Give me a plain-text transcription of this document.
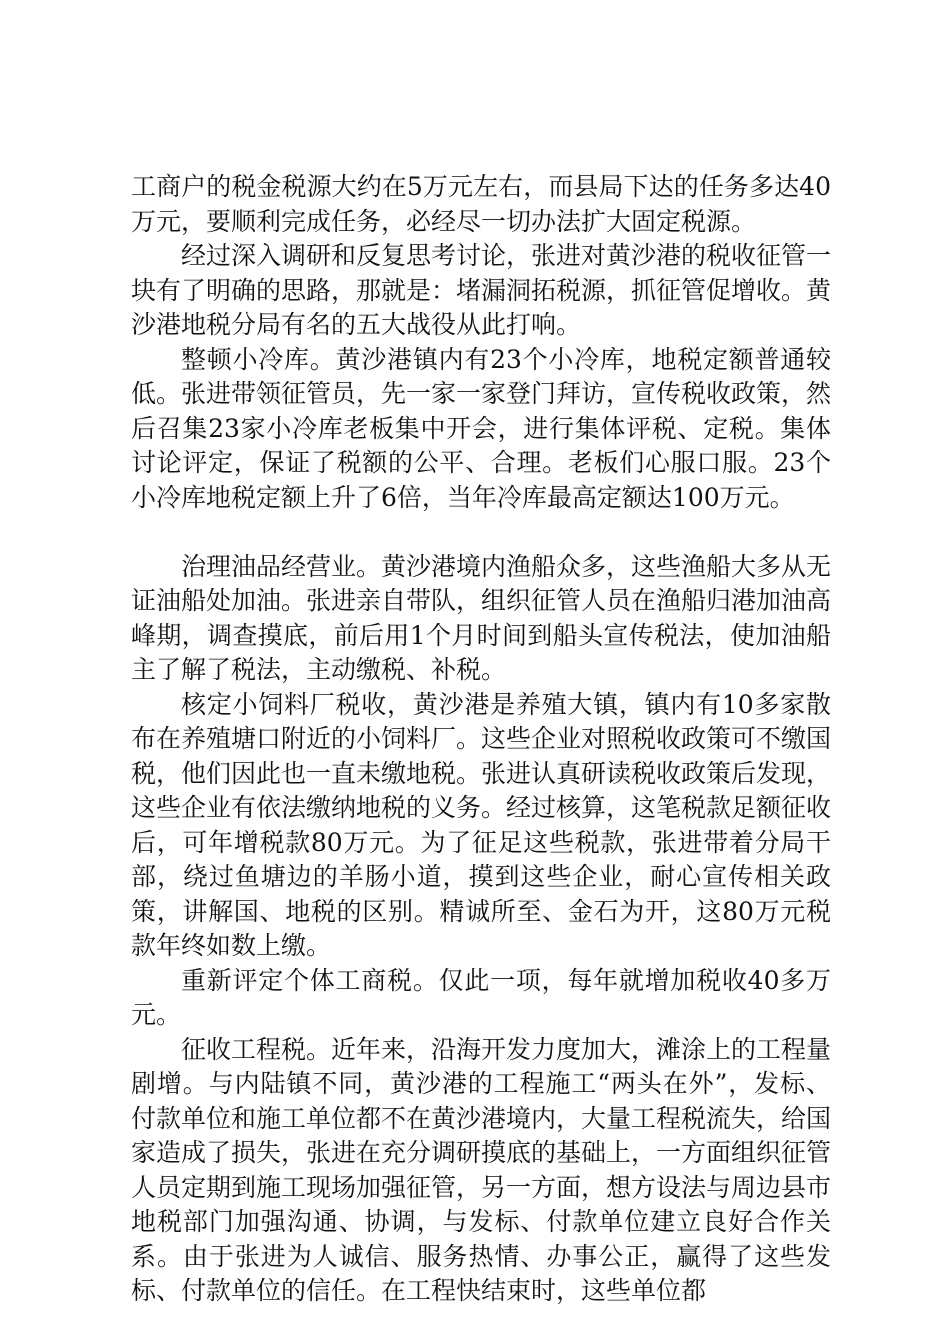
工商户的税金税源大约在5万元左右，而县局下达的任务多达40万元，要顺利完成任务，必经尽一切办法扩大固定税源。

经过深入调研和反复思考讨论，张进对黄沙港的税收征管一块有了明确的思路，那就是：堵漏洞拓税源，抓征管促增收。黄沙港地税分局有名的五大战役从此打响。

整顿小冷库。黄沙港镇内有23个小冷库，地税定额普通较低。张进带领征管员，先一家一家登门拜访，宣传税收政策，然后召集23家小冷库老板集中开会，进行集体评税、定税。集体讨论评定，保证了税额的公平、合理。老板们心服口服。23个小冷库地税定额上升了6倍，当年冷库最高定额达100万元。

治理油品经营业。黄沙港境内渔船众多，这些渔船大多从无证油船处加油。张进亲自带队，组织征管人员在渔船归港加油高峰期，调查摸底，前后用1个月时间到船头宣传税法，使加油船主了解了税法，主动缴税、补税。

核定小饲料厂税收，黄沙港是养殖大镇，镇内有10多家散布在养殖塘口附近的小饲料厂。这些企业对照税收政策可不缴国税，他们因此也一直未缴地税。张进认真研读税收政策后发现，这些企业有依法缴纳地税的义务。经过核算，这笔税款足额征收后，可年增税款80万元。为了征足这些税款，张进带着分局干部，绕过鱼塘边的羊肠小道，摸到这些企业，耐心宣传相关政策，讲解国、地税的区别。精诚所至、金石为开，这80万元税款年终如数上缴。

重新评定个体工商税。仅此一项，每年就增加税收40多万元。

征收工程税。近年来，沿海开发力度加大，滩涂上的工程量剧增。与内陆镇不同，黄沙港的工程施工“两头在外”，发标、付款单位和施工单位都不在黄沙港境内，大量工程税流失，给国家造成了损失，张进在充分调研摸底的基础上，一方面组织征管人员定期到施工现场加强征管，另一方面，想方设法与周边县市地税部门加强沟通、协调，与发标、付款单位建立良好合作关系。由于张进为人诚信、服务热情、办事公正，赢得了这些发标、付款单位的信任。在工程快结束时，这些单位都
